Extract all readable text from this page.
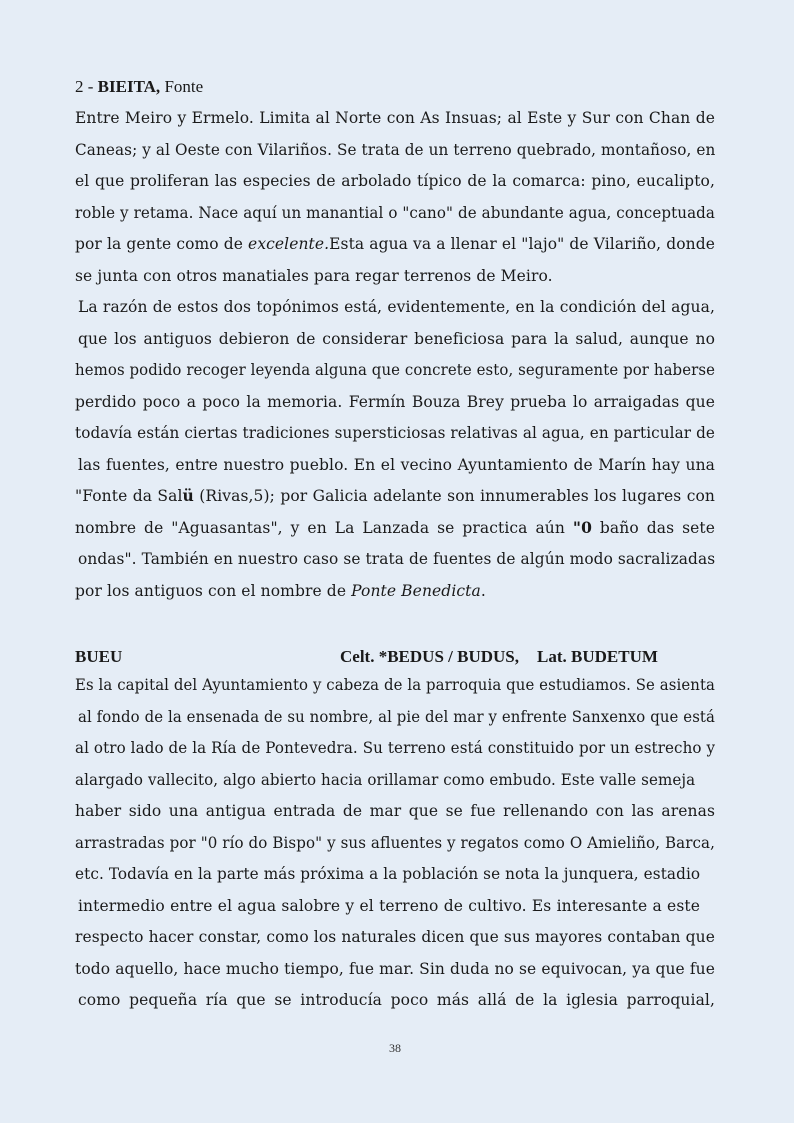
2 - BIEITA, Fonte
Entre Meiro y Ermelo. Limita al Norte con As Insuas; al Este y Sur con Chan de
Caneas; y al Oeste con Vilariños. Se trata de un terreno quebrado, montañoso, en
el que proliferan las especies de arbolado típico de la comarca: pino, eucalipto,
roble y retama. Nace aquí un manantial o "cano" de abundante agua, conceptuada
por la gente como de excelente.Esta agua va a llenar el "lajo" de Vilariño, donde
se junta con otros manatiales para regar terrenos de Meiro.
La razón de estos dos topónimos está, evidentemente, en la condición del agua,
que los antiguos debieron de considerar beneficiosa para la salud, aunque no
hemos podido recoger leyenda alguna que concrete esto, seguramente por haberse
perdido poco a poco la memoria. Fermín Bouza Brey prueba lo arraigadas que
todavía están ciertas tradiciones supersticiosas relativas al agua, en particular de
las fuentes, entre nuestro pueblo. En el vecino Ayuntamiento de Marín hay una
"Fonte da Salü (Rivas,5); por Galicia adelante son innumerables los lugares con
nombre de "Aguasantas", y en La Lanzada se practica aún "0 baño das sete
ondas". También en nuestro caso se trata de fuentes de algún modo sacralizadas
por los antiguos con el nombre de Ponte Benedicta.
BUEU	Celt. *BEDUS / BUDUS, Lat. BUDETUM
Es la capital del Ayuntamiento y cabeza de la parroquia que estudiamos. Se asienta
al fondo de la ensenada de su nombre, al pie del mar y enfrente Sanxenxo que está
al otro lado de la Ría de Pontevedra. Su terreno está constituido por un estrecho y
alargado vallecito, algo abierto hacia orillamar como embudo. Este valle semeja
haber sido una antigua entrada de mar que se fue rellenando con las arenas
arrastradas por "0 río do Bispo" y sus afluentes y regatos como O Amieliño, Barca,
etc. Todavía en la parte más próxima a la población se nota la junquera, estadio
intermedio entre el agua salobre y el terreno de cultivo. Es interesante a este
respecto hacer constar, como los naturales dicen que sus mayores contaban que
todo aquello, hace mucho tiempo, fue mar. Sin duda no se equivocan, ya que fue
como pequeña ría que se introducía poco más allá de la iglesia parroquial,
38
